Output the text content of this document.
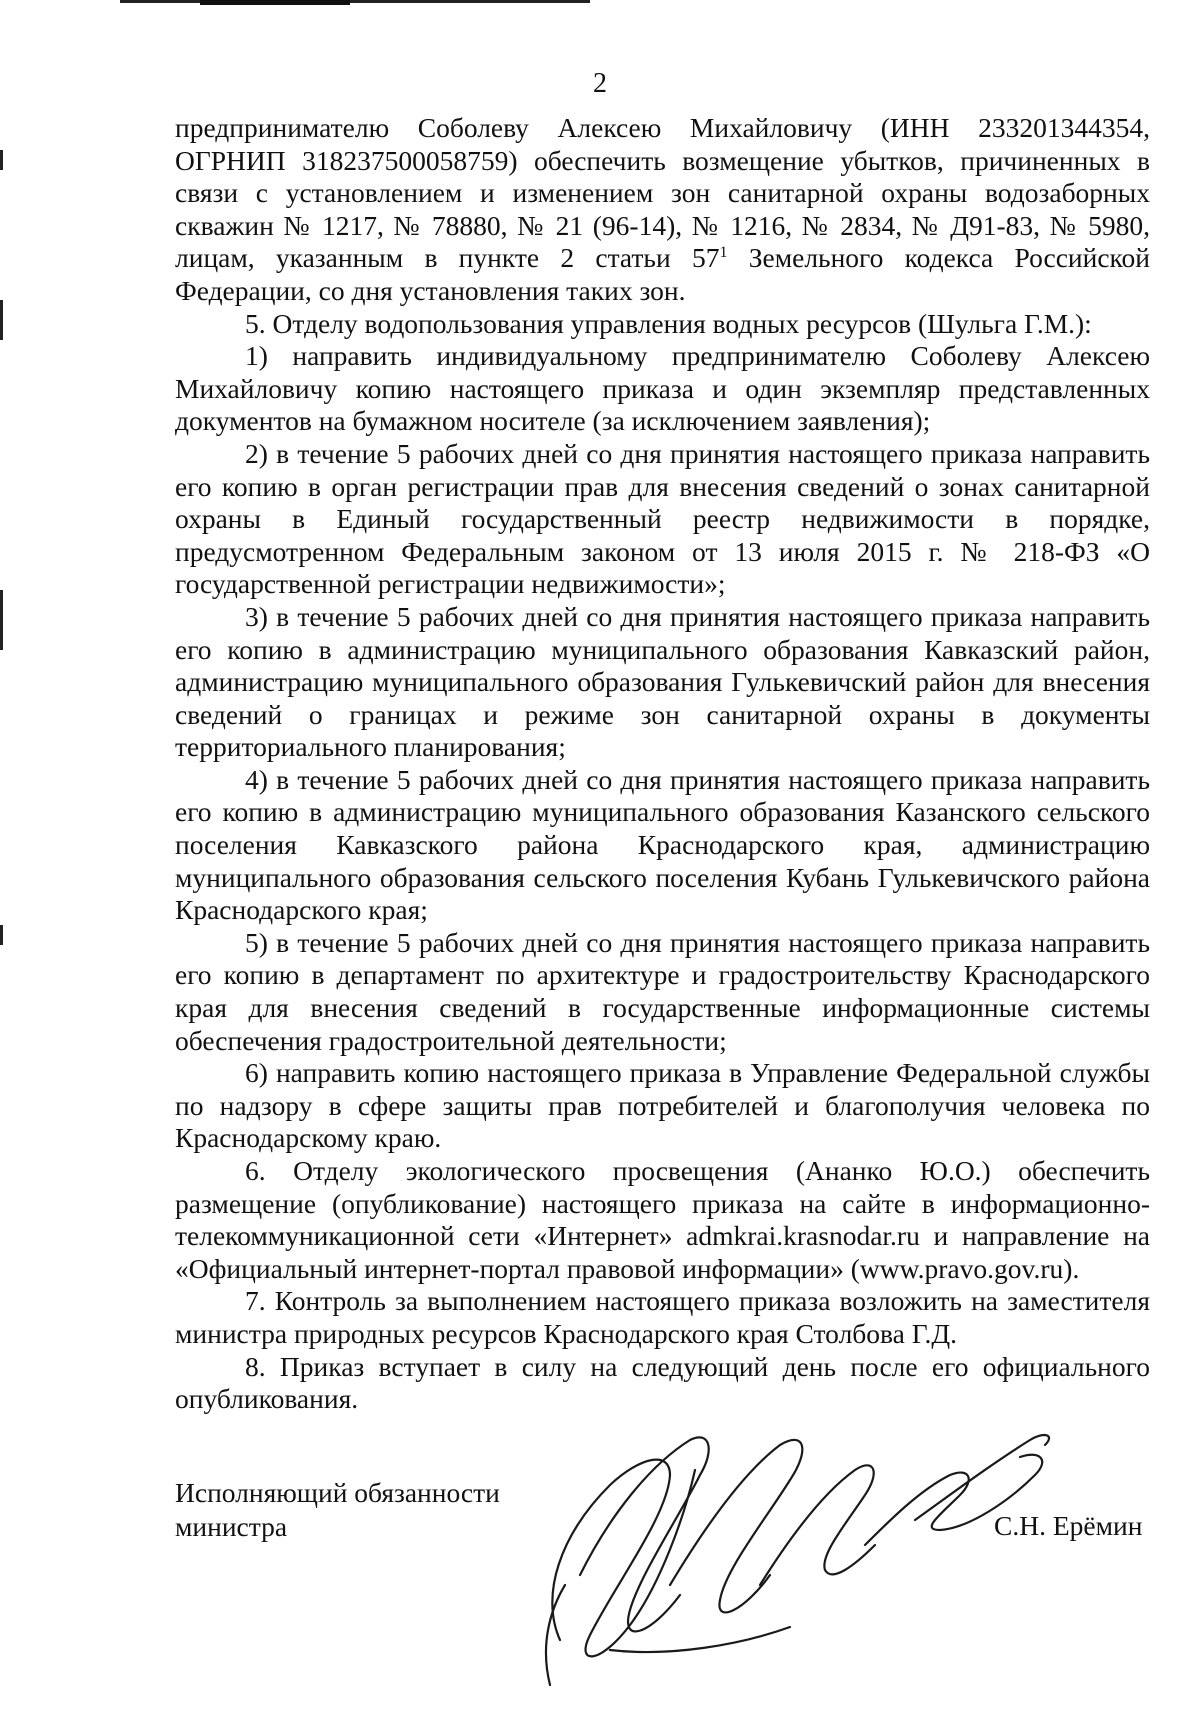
2

предпринимателю Соболеву Алексею Михайловичу (ИНН 233201344354, ОГРНИП 318237500058759) обеспечить возмещение убытков, причиненных в связи с установлением и изменением зон санитарной охраны водозаборных скважин № 1217, № 78880, № 21 (96-14), № 1216, № 2834, № Д91-83, № 5980, лицам, указанным в пункте 2 статьи $57^1$ Земельного кодекса Российской Федерации, со дня установления таких зон.

5. Отделу водопользования управления водных ресурсов (Шульга Г.М.):

1) направить индивидуальному предпринимателю Соболеву Алексею Михайловичу копию настоящего приказа и один экземпляр представленных документов на бумажном носителе (за исключением заявления);

2) в течение 5 рабочих дней со дня принятия настоящего приказа направить его копию в орган регистрации прав для внесения сведений о зонах санитарной охраны в Единый государственный реестр недвижимости в порядке, предусмотренном Федеральным законом от 13 июля 2015 г. № 218-ФЗ «О государственной регистрации недвижимости»;

3) в течение 5 рабочих дней со дня принятия настоящего приказа направить его копию в администрацию муниципального образования Кавказский район, администрацию муниципального образования Гулькевичский район для внесения сведений о границах и режиме зон санитарной охраны в документы территориального планирования;

4) в течение 5 рабочих дней со дня принятия настоящего приказа направить его копию в администрацию муниципального образования Казанского сельского поселения Кавказского района Краснодарского края, администрацию муниципального образования сельского поселения Кубань Гулькевичского района Краснодарского края;

5) в течение 5 рабочих дней со дня принятия настоящего приказа направить его копию в департамент по архитектуре и градостроительству Краснодарского края для внесения сведений в государственные информационные системы обеспечения градостроительной деятельности;

6) направить копию настоящего приказа в Управление Федеральной службы по надзору в сфере защиты прав потребителей и благополучия человека по Краснодарскому краю.

6. Отделу экологического просвещения (Ананко Ю.О.) обеспечить размещение (опубликование) настоящего приказа на сайте в информационно-телекоммуникационной сети «Интернет» admkrai.krasnodar.ru и направление на «Официальный интернет-портал правовой информации» (www.pravo.gov.ru).

7. Контроль за выполнением настоящего приказа возложить на заместителя министра природных ресурсов Краснодарского края Столбова Г.Д.

8. Приказ вступает в силу на следующий день после его официального опубликования.

Исполняющий обязанности
министра	С.Н. Ерёмин
